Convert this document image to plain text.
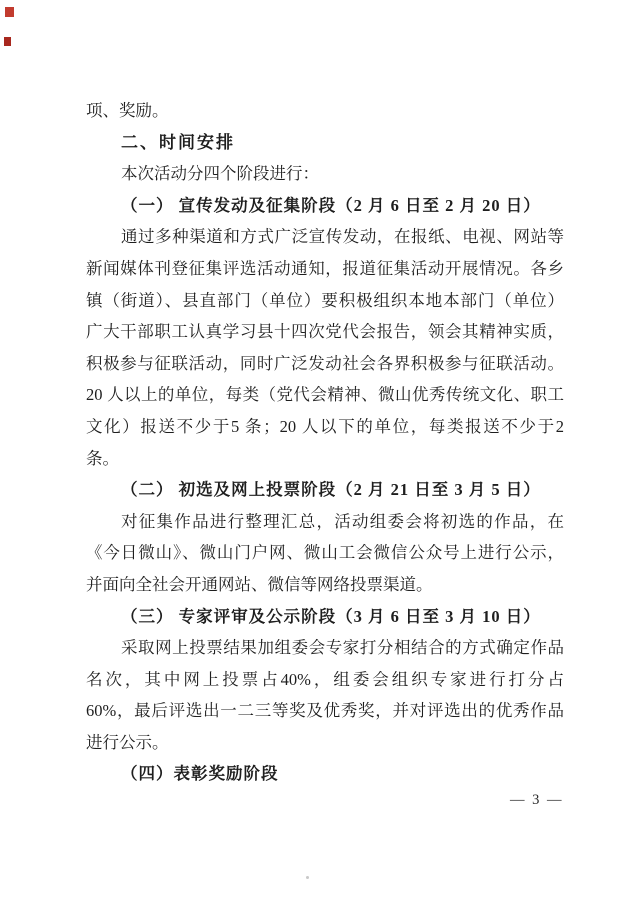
项、奖励。
二、时间安排
本次活动分四个阶段进行：
（一） 宣传发动及征集阶段（2 月 6 日至 2 月 20 日）
通过多种渠道和方式广泛宣传发动，在报纸、电视、网站等
新闻媒体刊登征集评选活动通知，报道征集活动开展情况。各乡
镇（街道）、县直部门（单位）要积极组织本地本部门（单位）
广大干部职工认真学习县十四次党代会报告，领会其精神实质，
积极参与征联活动，同时广泛发动社会各界积极参与征联活动。
20 人以上的单位，每类（党代会精神、微山优秀传统文化、职工
文化）报送不少于5 条；20 人以下的单位，每类报送不少于2
条。
（二） 初选及网上投票阶段（2 月 21 日至 3 月 5 日）
对征集作品进行整理汇总，活动组委会将初选的作品，在
《今日微山》、微山门户网、微山工会微信公众号上进行公示，
并面向全社会开通网站、微信等网络投票渠道。
（三） 专家评审及公示阶段（3 月 6 日至 3 月 10 日）
采取网上投票结果加组委会专家打分相结合的方式确定作品
名次，其中网上投票占40%，组委会组织专家进行打分占
60%，最后评选出一二三等奖及优秀奖，并对评选出的优秀作品
进行公示。
（四）表彰奖励阶段
— 3 —
